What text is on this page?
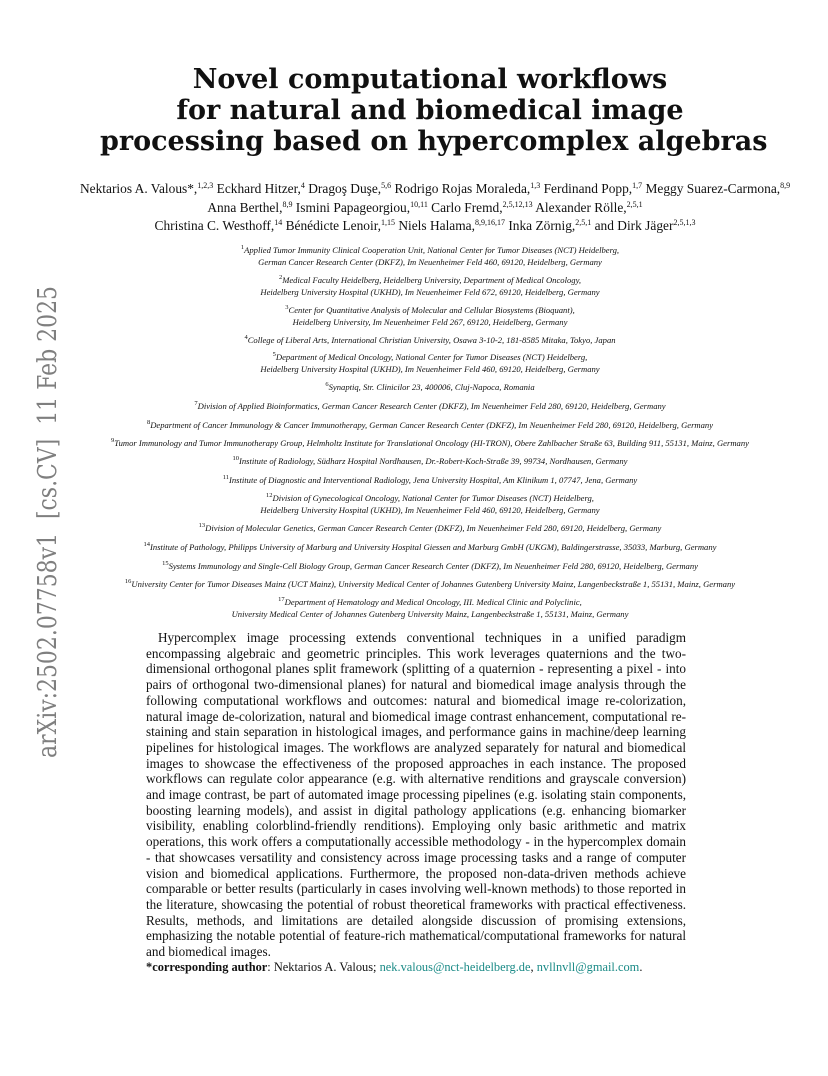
arXiv:2502.07758v1  [cs.CV]  11 Feb 2025
Novel computational workflows
for natural and biomedical image
processing based on hypercomplex algebras
Nektarios A. Valous*,$^{1,2,3}$ Eckhard Hitzer,$^4$ Dragoş Duşe,$^{5,6}$ Rodrigo Rojas Moraleda,$^{1,3}$ Ferdinand Popp,$^{1,7}$ Meggy Suarez-Carmona,$^{8,9}$
Anna Berthel,$^{8,9}$ Ismini Papageorgiou,$^{10,11}$ Carlo Fremd,$^{2,5,12,13}$ Alexander Rölle,$^{2,5,1}$
Christina C. Westhoff,$^{14}$ Bénédicte Lenoir,$^{1,15}$ Niels Halama,$^{8,9,16,17}$ Inka Zörnig,$^{2,5,1}$ and Dirk Jäger$^{2,5,1,3}$
$^1$Applied Tumor Immunity Clinical Cooperation Unit, National Center for Tumor Diseases (NCT) Heidelberg,
German Cancer Research Center (DKFZ), Im Neuenheimer Feld 460, 69120, Heidelberg, Germany
$^2$Medical Faculty Heidelberg, Heidelberg University, Department of Medical Oncology,
Heidelberg University Hospital (UKHD), Im Neuenheimer Feld 672, 69120, Heidelberg, Germany
$^3$Center for Quantitative Analysis of Molecular and Cellular Biosystems (Bioquant),
Heidelberg University, Im Neuenheimer Feld 267, 69120, Heidelberg, Germany
$^4$College of Liberal Arts, International Christian University, Osawa 3-10-2, 181-8585 Mitaka, Tokyo, Japan
$^5$Department of Medical Oncology, National Center for Tumor Diseases (NCT) Heidelberg,
Heidelberg University Hospital (UKHD), Im Neuenheimer Feld 460, 69120, Heidelberg, Germany
$^6$Synaptiq, Str. Clinicilor 23, 400006, Cluj-Napoca, Romania
$^7$Division of Applied Bioinformatics, German Cancer Research Center (DKFZ), Im Neuenheimer Feld 280, 69120, Heidelberg, Germany
$^8$Department of Cancer Immunology & Cancer Immunotherapy, German Cancer Research Center (DKFZ), Im Neuenheimer Feld 280, 69120, Heidelberg, Germany
$^9$Tumor Immunology and Tumor Immunotherapy Group, Helmholtz Institute for Translational Oncology (HI-TRON), Obere Zahlbacher Straße 63, Building 911, 55131, Mainz, Germany
$^{10}$Institute of Radiology, Südharz Hospital Nordhausen, Dr.-Robert-Koch-Straße 39, 99734, Nordhausen, Germany
$^{11}$Institute of Diagnostic and Interventional Radiology, Jena University Hospital, Am Klinikum 1, 07747, Jena, Germany
$^{12}$Division of Gynecological Oncology, National Center for Tumor Diseases (NCT) Heidelberg,
Heidelberg University Hospital (UKHD), Im Neuenheimer Feld 460, 69120, Heidelberg, Germany
$^{13}$Division of Molecular Genetics, German Cancer Research Center (DKFZ), Im Neuenheimer Feld 280, 69120, Heidelberg, Germany
$^{14}$Institute of Pathology, Philipps University of Marburg and University Hospital Giessen and Marburg GmbH (UKGM), Baldingerstrasse, 35033, Marburg, Germany
$^{15}$Systems Immunology and Single-Cell Biology Group, German Cancer Research Center (DKFZ), Im Neuenheimer Feld 280, 69120, Heidelberg, Germany
$^{16}$University Center for Tumor Diseases Mainz (UCT Mainz), University Medical Center of Johannes Gutenberg University Mainz, Langenbeckstraße 1, 55131, Mainz, Germany
$^{17}$Department of Hematology and Medical Oncology, III. Medical Clinic and Polyclinic,
University Medical Center of Johannes Gutenberg University Mainz, Langenbeckstraße 1, 55131, Mainz, Germany

Hypercomplex image processing extends conventional techniques in a unified paradigm encompassing algebraic and geometric principles. This work leverages quaternions and the two-dimensional orthogonal planes split framework (splitting of a quaternion - representing a pixel - into pairs of orthogonal two-dimensional planes) for natural and biomedical image analysis through the following computational workflows and outcomes: natural and biomedical image re-colorization, natural image de-colorization, natural and biomedical image contrast enhancement, computational re-staining and stain separation in histological images, and performance gains in machine/deep learning pipelines for histological images. The workflows are analyzed separately for natural and biomedical images to showcase the effectiveness of the proposed approaches in each instance. The proposed workflows can regulate color appearance (e.g. with alternative renditions and grayscale conversion) and image contrast, be part of automated image processing pipelines (e.g. isolating stain components, boosting learning models), and assist in digital pathology applications (e.g. enhancing biomarker visibility, enabling colorblind-friendly renditions). Employing only basic arithmetic and matrix operations, this work offers a computationally accessible methodology - in the hypercomplex domain - that showcases versatility and consistency across image processing tasks and a range of computer vision and biomedical applications. Furthermore, the proposed non-data-driven methods achieve comparable or better results (particularly in cases involving well-known methods) to those reported in the literature, showcasing the potential of robust theoretical frameworks with practical effectiveness. Results, methods, and limitations are detailed alongside discussion of promising extensions, emphasizing the notable potential of feature-rich mathematical/computational frameworks for natural and biomedical images.

*corresponding author: Nektarios A. Valous; nek.valous@nct-heidelberg.de, nvllnvll@gmail.com.
